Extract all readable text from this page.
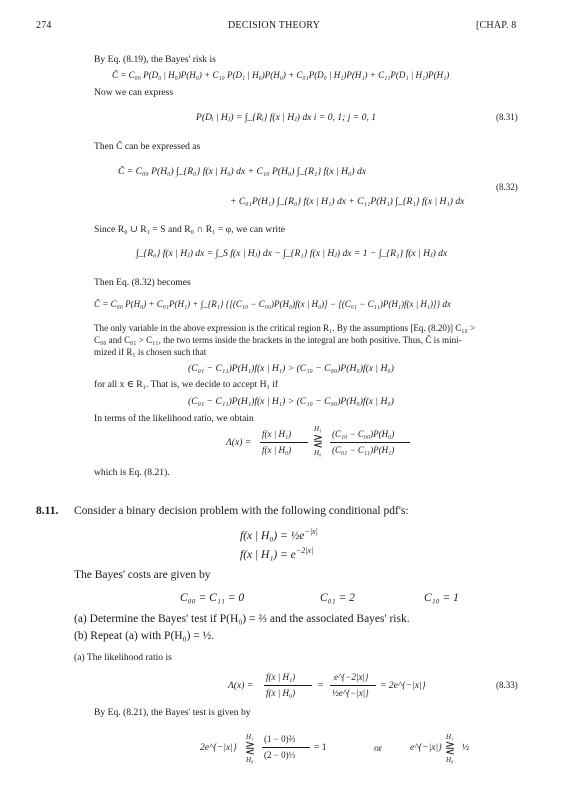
274	DECISION THEORY	[CHAP. 8
By Eq. (8.19), the Bayes' risk is
C̄ = C₀₀ P(D₀ | H₀)P(H₀) + C₁₀ P(D₁ | H₀)P(H₀) + C₀₁P(D₀ | H₁)P(H₁) + C₁₁P(D₁ | H₁)P(H₁)
Now we can express
P(Dᵢ | Hⱼ) = ∫_{Rᵢ} f(x | Hⱼ) dx i = 0, 1; j = 0, 1	(8.31)
Then C̄ can be expressed as
C̄ = C₀₀ P(H₀) ∫_{R₀} f(x | H₀) dx + C₁₀ P(H₀) ∫_{R₁} f(x | H₀) dx
+ C₀₁P(H₁) ∫_{R₀} f(x | H₁) dx + C₁₁P(H₁) ∫_{R₁} f(x | H₁) dx
(8.32)
Since R₀ ∪ R₁ = S and R₀ ∩ R₁ = φ, we can write
∫_{R₀} f(x | Hⱼ) dx = ∫_S f(x | Hⱼ) dx − ∫_{R₁} f(x | Hⱼ) dx = 1 − ∫_{R₁} f(x | Hⱼ) dx
Then Eq. (8.32) becomes
C̄ = C₀₀ P(H₀) + C₀₁P(H₁) + ∫_{R₁} {[(C₁₀ − C₀₀)P(H₀)f(x | H₀)] − [(C₀₁ − C₁₁)P(H₁)f(x | H₁)]} dx
The only variable in the above expression is the critical region R₁. By the assumptions [Eq. (8.20)] C₁₀ >
C₀₀ and C₀₁ > C₁₁, the two terms inside the brackets in the integral are both positive. Thus, C̄ is mini-
mized if R₁ is chosen such that
(C₀₁ − C₁₁)P(H₁)f(x | H₁) > (C₁₀ − C₀₀)P(H₀)f(x | H₀)
for all x ∈ R₁. That is, we decide to accept H₁ if
(C₀₁ − C₁₁)P(H₁)f(x | H₁) > (C₁₀ − C₀₀)P(H₀)f(x | H₀)
In terms of the likelihood ratio, we obtain
Λ(x) =
f(x | H₁)
f(x | H₀)
H₁
⋛
H₀
(C₁₀ − C₀₀)P(H₀)
(C₀₁ − C₁₁)P(H₁)
which is Eq. (8.21).
8.11. Consider a binary decision problem with the following conditional pdf's:
f(x | $H_0) = \frac{1}{2}e^{-|x|}$
f(x | $H_1) = e^{-2|x|}$
The Bayes' costs are given by
C₀₀ = C₁₁ = 0	C₀₁ = 2	C₁₀ = 1
(a) Determine the Bayes' test if P(H₀) = ⅔ and the associated Bayes' risk.
(b) Repeat (a) with P(H₀) = ½.
(a) The likelihood ratio is
Λ(x) =
f(x | H₁)
f(x | H₀)
=
e^{−2|x|}
½e^{−|x|}
= 2e^{−|x|}	(8.33)
By Eq. (8.21), the Bayes' test is given by
2e^{−|x|}
H₁
⋛
H₀
(1 − 0)⅔
(2 − 0)⅓
= 1	or	e^{−|x|}
H₁
⋛
H₀
½
